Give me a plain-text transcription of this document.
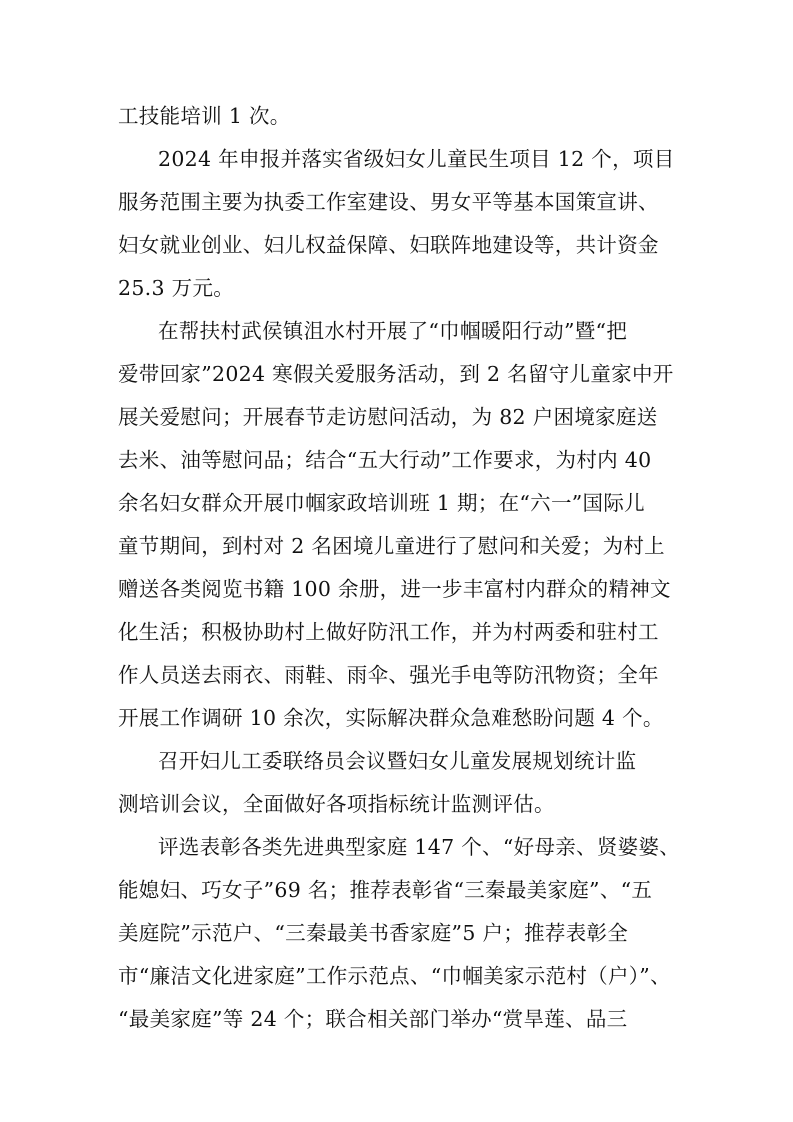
工技能培训 1 次。
2024 年申报并落实省级妇女儿童民生项目 12 个，项目
服务范围主要为执委工作室建设、男女平等基本国策宣讲、
妇女就业创业、妇儿权益保障、妇联阵地建设等，共计资金
25.3 万元。
在帮扶村武侯镇沮水村开展了“巾帼暖阳行动”暨“把
爱带回家”2024 寒假关爱服务活动，到 2 名留守儿童家中开
展关爱慰问；开展春节走访慰问活动，为 82 户困境家庭送
去米、油等慰问品；结合“五大行动”工作要求，为村内 40
余名妇女群众开展巾帼家政培训班 1 期；在“六一”国际儿
童节期间，到村对 2 名困境儿童进行了慰问和关爱；为村上
赠送各类阅览书籍 100 余册，进一步丰富村内群众的精神文
化生活；积极协助村上做好防汛工作，并为村两委和驻村工
作人员送去雨衣、雨鞋、雨伞、强光手电等防汛物资；全年
开展工作调研 10 余次，实际解决群众急难愁盼问题 4 个。
召开妇儿工委联络员会议暨妇女儿童发展规划统计监
测培训会议，全面做好各项指标统计监测评估。
评选表彰各类先进典型家庭 147 个、“好母亲、贤婆婆、
能媳妇、巧女子”69 名；推荐表彰省“三秦最美家庭”、“五
美庭院”示范户、“三秦最美书香家庭”5 户；推荐表彰全
市“廉洁文化进家庭”工作示范点、“巾帼美家示范村（户）”、
“最美家庭”等 24 个；联合相关部门举办“赏旱莲、品三
